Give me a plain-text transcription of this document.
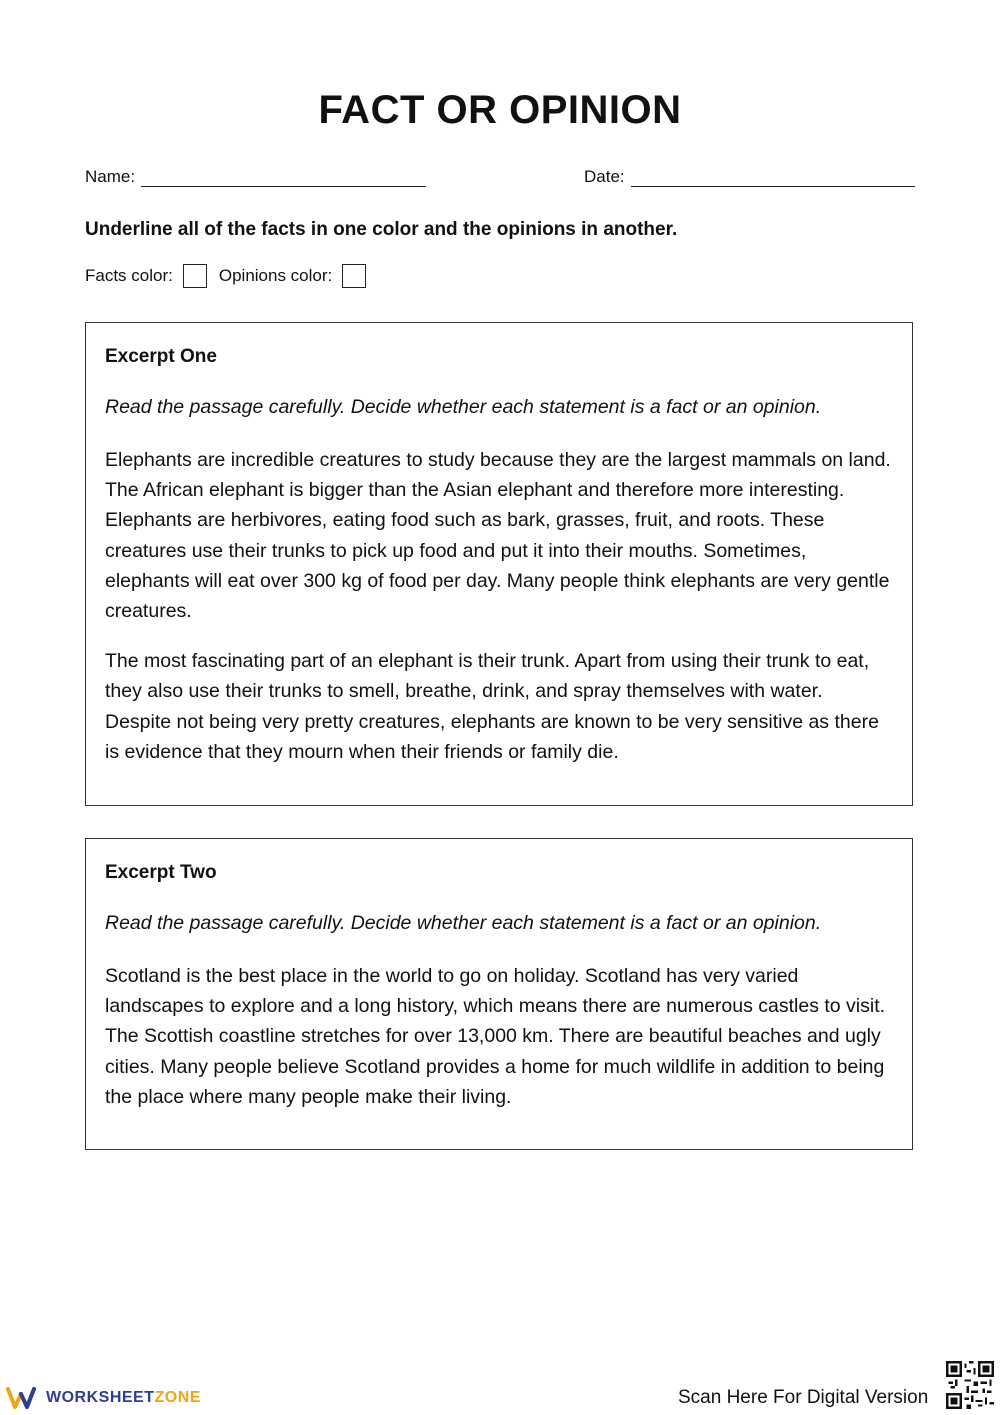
FACT OR OPINION
Name:	Date:
Underline all of the facts in one color and the opinions in another.
Facts color:	Opinions color:
Excerpt One

Read the passage carefully. Decide whether each statement is a fact or an opinion.

Elephants are incredible creatures to study because they are the largest mammals on land. The African elephant is bigger than the Asian elephant and therefore more interesting. Elephants are herbivores, eating food such as bark, grasses, fruit, and roots. These creatures use their trunks to pick up food and put it into their mouths. Sometimes, elephants will eat over 300 kg of food per day. Many people think elephants are very gentle creatures.

The most fascinating part of an elephant is their trunk. Apart from using their trunk to eat, they also use their trunks to smell, breathe, drink, and spray themselves with water. Despite not being very pretty creatures, elephants are known to be very sensitive as there is evidence that they mourn when their friends or family die.

Excerpt Two

Read the passage carefully. Decide whether each statement is a fact or an opinion.

Scotland is the best place in the world to go on holiday. Scotland has very varied landscapes to explore and a long history, which means there are numerous castles to visit. The Scottish coastline stretches for over 13,000 km. There are beautiful beaches and ugly cities. Many people believe Scotland provides a home for much wildlife in addition to being the place where many people make their living.

WORKSHEET ZONE	Scan Here For Digital Version
